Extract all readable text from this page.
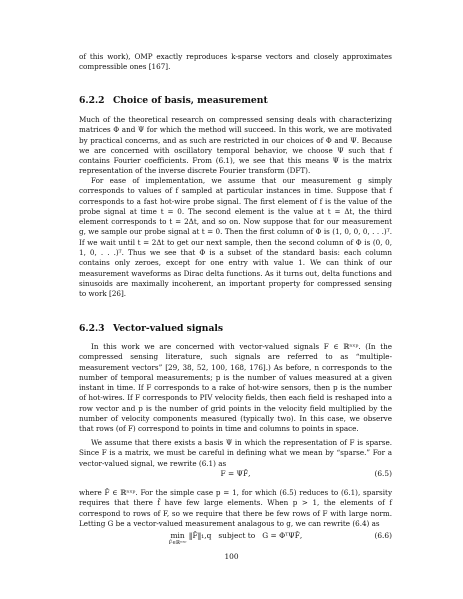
of this work), OMP exactly reproduces k-sparse vectors and closely approximates compressible ones [167].

6.2.2 Choice of basis, measurement

Much of the theoretical research on compressed sensing deals with characterizing matrices Φ and Ψ for which the method will succeed. In this work, we are motivated by practical concerns, and as such are restricted in our choices of Φ and Ψ. Because we are concerned with oscillatory temporal behavior, we choose Ψ such that f contains Fourier coefficients. From (6.1), we see that this means Ψ is the matrix representation of the inverse discrete Fourier transform (DFT).

For ease of implementation, we assume that our measurement g simply corresponds to values of f sampled at particular instances in time. Suppose that f corresponds to a fast hot-wire probe signal. The first element of f is the value of the probe signal at time t = 0. The second element is the value at t = Δt, the third element corresponds to t = 2Δt, and so on. Now suppose that for our measurement g, we sample our probe signal at t = 0. Then the first column of Φ is (1, 0, 0, 0, . . .)ᵀ. If we wait until t = 2Δt to get our next sample, then the second column of Φ is (0, 0, 1, 0, . . .)ᵀ. Thus we see that Φ is a subset of the standard basis: each column contains only zeroes, except for one entry with value 1. We can think of our measurement waveforms as Dirac delta functions. As it turns out, delta functions and sinusoids are maximally incoherent, an important property for compressed sensing to work [26].

6.2.3 Vector-valued signals

In this work we are concerned with vector-valued signals F ∈ ℝⁿˣᵖ. (In the compressed sensing literature, such signals are referred to as “multiple-measurement vectors” [29, 38, 52, 100, 168, 176].) As before, n corresponds to the number of temporal measurements; p is the number of values measured at a given instant in time. If F corresponds to a rake of hot-wire sensors, then p is the number of hot-wires. If F corresponds to PIV velocity fields, then each field is reshaped into a row vector and p is the number of grid points in the velocity field multiplied by the number of velocity components measured (typically two). In this case, we observe that rows (of F) correspond to points in time and columns to points in space.

We assume that there exists a basis Ψ in which the representation of F is sparse. Since F is a matrix, we must be careful in defining what we mean by “sparse.” For a vector-valued signal, we rewrite (6.1) as

F = ΨF̂,	(6.5)

where F̂ ∈ ℝⁿˣᵖ. For the simple case p = 1, for which (6.5) reduces to (6.1), sparsity requires that there f̂ have few large elements. When p > 1, the elements of f correspond to rows of F, so we require that there be few rows of F with large norm. Letting G be a vector-valued measurement analagous to g, we can rewrite (6.4) as

min
F̂∈ℝⁿˣᵖ
‖F̂‖₁,q subject to G = ΦᵀΨF̂,	(6.6)
100
